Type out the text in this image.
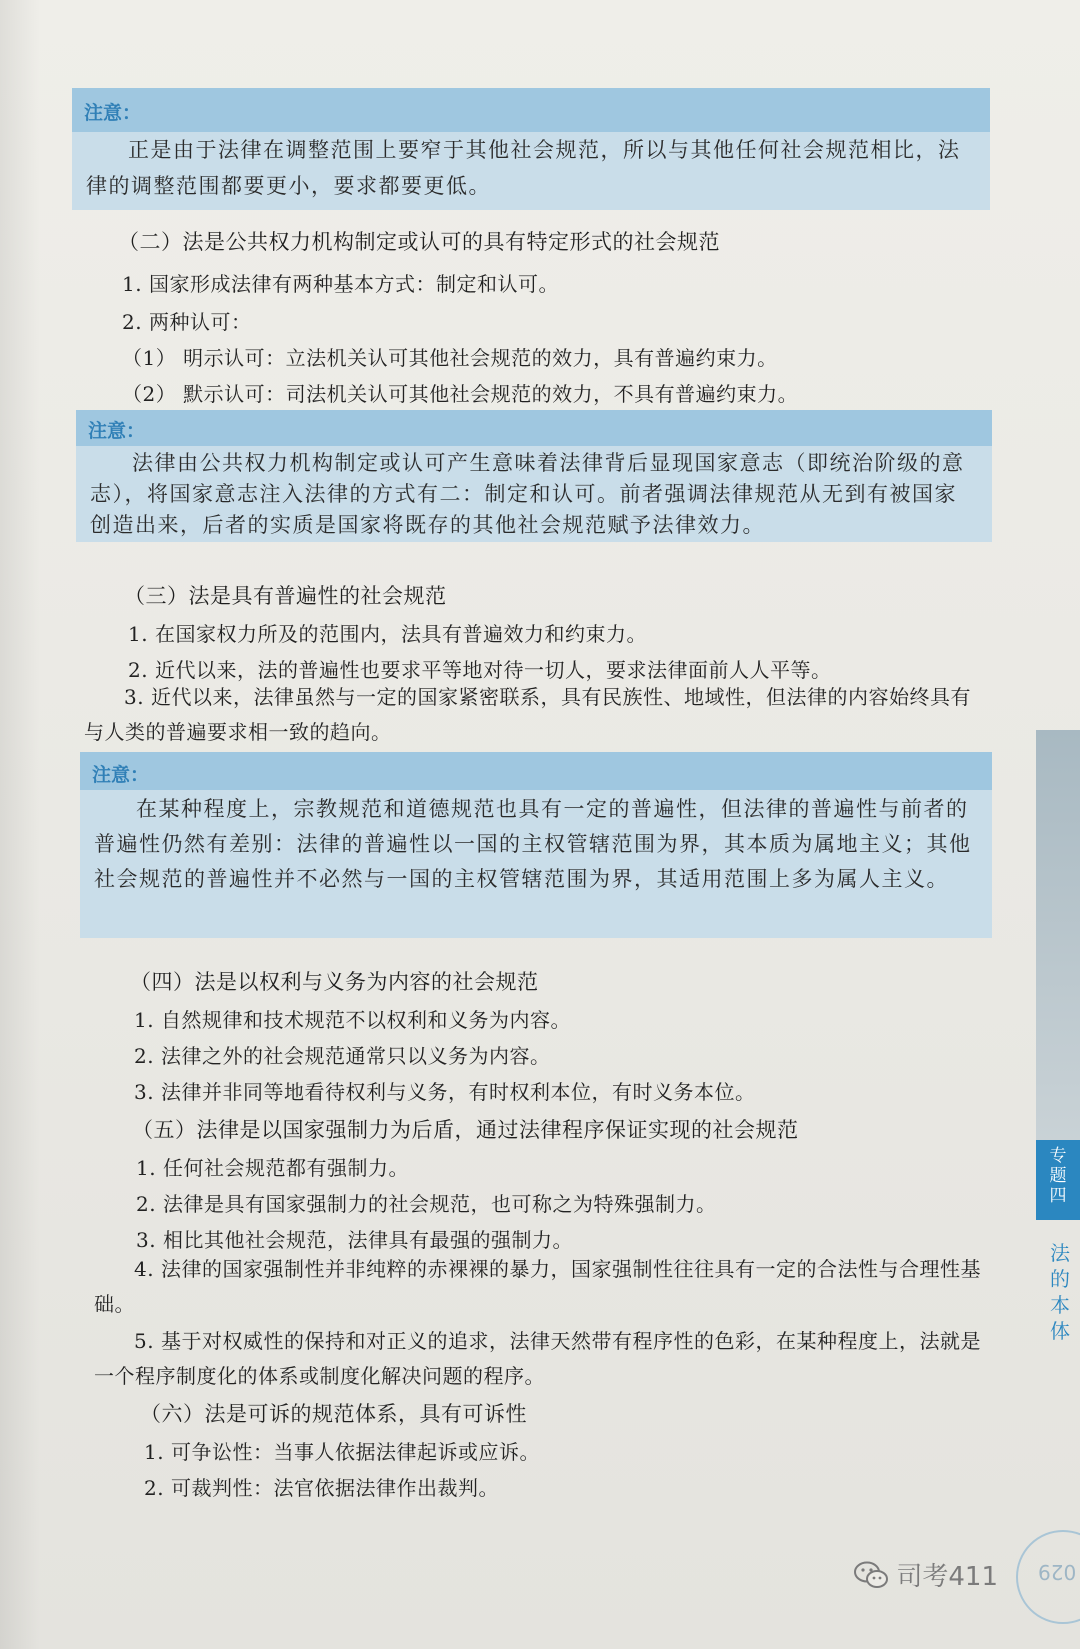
注意：
正是由于法律在调整范围上要窄于其他社会规范，所以与其他任何社会规范相比，法律的调整范围都要更小，要求都要更低。
（二）法是公共权力机构制定或认可的具有特定形式的社会规范
1. 国家形成法律有两种基本方式：制定和认可。
2. 两种认可：
（1） 明示认可：立法机关认可其他社会规范的效力，具有普遍约束力。
（2） 默示认可：司法机关认可其他社会规范的效力，不具有普遍约束力。
注意：
法律由公共权力机构制定或认可产生意味着法律背后显现国家意志（即统治阶级的意志），将国家意志注入法律的方式有二：制定和认可。前者强调法律规范从无到有被国家创造出来，后者的实质是国家将既存的其他社会规范赋予法律效力。
（三）法是具有普遍性的社会规范
1. 在国家权力所及的范围内，法具有普遍效力和约束力。
2. 近代以来，法的普遍性也要求平等地对待一切人，要求法律面前人人平等。
3. 近代以来，法律虽然与一定的国家紧密联系，具有民族性、地域性，但法律的内容始终具有与人类的普遍要求相一致的趋向。
注意：
在某种程度上，宗教规范和道德规范也具有一定的普遍性，但法律的普遍性与前者的普遍性仍然有差别：法律的普遍性以一国的主权管辖范围为界，其本质为属地主义；其他社会规范的普遍性并不必然与一国的主权管辖范围为界，其适用范围上多为属人主义。
（四）法是以权利与义务为内容的社会规范
1. 自然规律和技术规范不以权利和义务为内容。
2. 法律之外的社会规范通常只以义务为内容。
3. 法律并非同等地看待权利与义务，有时权利本位，有时义务本位。
（五）法律是以国家强制力为后盾，通过法律程序保证实现的社会规范
1. 任何社会规范都有强制力。
2. 法律是具有国家强制力的社会规范，也可称之为特殊强制力。
3. 相比其他社会规范，法律具有最强的强制力。
4. 法律的国家强制性并非纯粹的赤裸裸的暴力，国家强制性往往具有一定的合法性与合理性基础。
5. 基于对权威性的保持和对正义的追求，法律天然带有程序性的色彩，在某种程度上，法就是一个程序制度化的体系或制度化解决问题的程序。
（六）法是可诉的规范体系，具有可诉性
1. 可争讼性：当事人依据法律起诉或应诉。
2. 可裁判性：法官依据法律作出裁判。
专题四
法的本体
029
司考411
